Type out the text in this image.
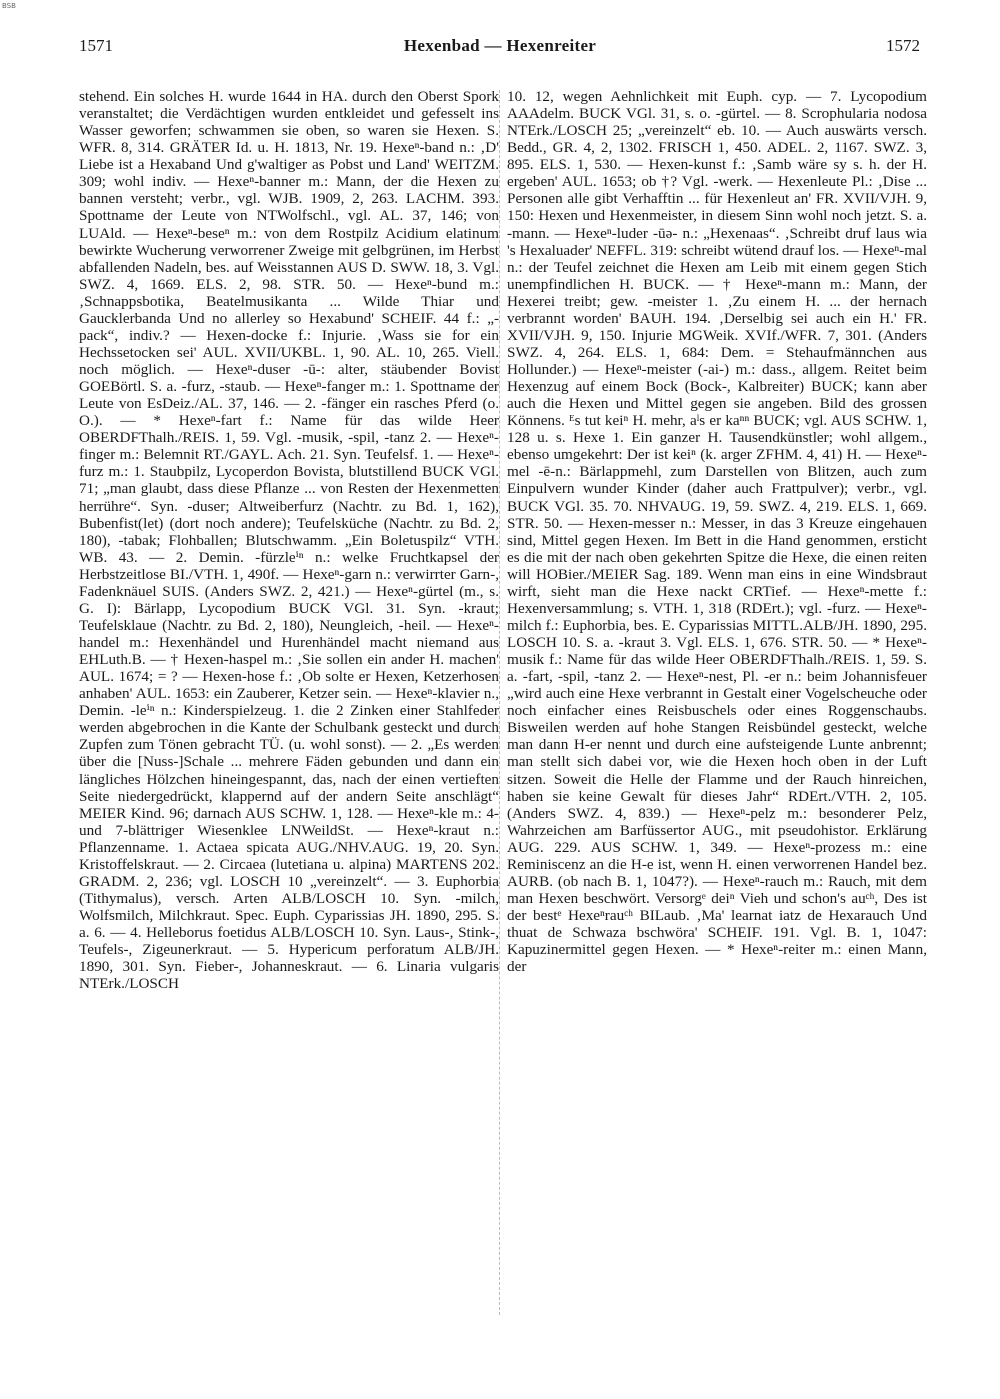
BSB
1571	Hexenbad — Hexenreiter	1572

stehend. Ein solches H. wurde 1644 in HA. durch den Oberst Spork veranstaltet; die Verdächtigen wurden entkleidet und gefesselt ins Wasser geworfen; schwammen sie oben, so waren sie Hexen. S. WFR. 8, 314. GRÄTER Id. u. H. 1813, Nr. 19. Hexeⁿ-band n.: ‚D' Liebe ist a Hexaband Und g'waltiger as Pobst und Land' WEITZM. 309; wohl indiv. — Hexeⁿ-banner m.: Mann, der die Hexen zu bannen versteht; verbr., vgl. WJB. 1909, 2, 263. LACHM. 393. Spottname der Leute von NTWolfschl., vgl. AL. 37, 146; von LUAld. — Hexeⁿ-beseⁿ m.: von dem Rostpilz Acidium elatinum bewirkte Wucherung verworrener Zweige mit gelbgrünen, im Herbst abfallenden Nadeln, bes. auf Weisstannen AUS D. SWW. 18, 3. Vgl. SWZ. 4, 1669. ELS. 2, 98. STR. 50. — Hexeⁿ-bund m.: ‚Schnappsbotika, Beatelmusikanta ... Wilde Thiar und Gaucklerbanda Und no allerley so Hexabund' SCHEIF. 44 f.: „-pack“, indiv.? — Hexen-docke f.: Injurie. ‚Wass sie for ein Hechssetocken sei' AUL. XVII/UKBL. 1, 90. AL. 10, 265. Viell. noch möglich. — Hexeⁿ-duser -ū-: alter, stäubender Bovist GOEBörtl. S. a. -furz, -staub. — Hexeⁿ-fanger m.: 1. Spottname der Leute von EsDeiz./AL. 37, 146. — 2. -fänger ein rasches Pferd (o. O.). — * Hexeⁿ-fart f.: Name für das wilde Heer OBERDFThalh./REIS. 1, 59. Vgl. -musik, -spil, -tanz 2. — Hexeⁿ-finger m.: Belemnit RT./GAYL. Ach. 21. Syn. Teufelsf. 1. — Hexeⁿ-furz m.: 1. Staubpilz, Lycoperdon Bovista, blutstillend BUCK VGl. 71; „man glaubt, dass diese Pflanze ... von Resten der Hexenmetten herrühre“. Syn. -duser; Altweiberfurz (Nachtr. zu Bd. 1, 162), Bubenfist(let) (dort noch andere); Teufelsküche (Nachtr. zu Bd. 2, 180), -tabak; Flohballen; Blutschwamm. „Ein Boletuspilz“ VTH. WB. 43. — 2. Demin. -fürzleⁱⁿ n.: welke Fruchtkapsel der Herbstzeitlose BI./VTH. 1, 490f. — Hexeⁿ-garn n.: verwirrter Garn-, Fadenknäuel SUIS. (Anders SWZ. 2, 421.) — Hexeⁿ-gürtel (m., s. G. I): Bärlapp, Lycopodium BUCK VGl. 31. Syn. -kraut; Teufelsklaue (Nachtr. zu Bd. 2, 180), Neungleich, -heil. — Hexeⁿ-handel m.: Hexenhändel und Hurenhändel macht niemand aus EHLuth.B. — † Hexen-haspel m.: ‚Sie sollen ein ander H. machen' AUL. 1674; = ? — Hexen-hose f.: ‚Ob solte er Hexen, Ketzerhosen anhaben' AUL. 1653: ein Zauberer, Ketzer sein. — Hexeⁿ-klavier n., Demin. -leⁱⁿ n.: Kinderspielzeug. 1. die 2 Zinken einer Stahlfeder werden abgebrochen in die Kante der Schulbank gesteckt und durch Zupfen zum Tönen gebracht TÜ. (u. wohl sonst). — 2. „Es werden über die [Nuss-]Schale ... mehrere Fäden gebunden und dann ein längliches Hölzchen hineingespannt, das, nach der einen vertieften Seite niedergedrückt, klappernd auf der andern Seite anschlägt“ MEIER Kind. 96; darnach AUS SCHW. 1, 128. — Hexeⁿ-kle m.: 4- und 7-blättriger Wiesenklee LNWeildSt. — Hexeⁿ-kraut n.: Pflanzenname. 1. Actaea spicata AUG./NHV.AUG. 19, 20. Syn. Kristoffelskraut. — 2. Circaea (lutetiana u. alpina) MARTENS 202. GRADM. 2, 236; vgl. LOSCH 10 „vereinzelt“. — 3. Euphorbia (Tithymalus), versch. Arten ALB/LOSCH 10. Syn. -milch, Wolfsmilch, Milchkraut. Spec. Euph. Cyparissias JH. 1890, 295. S. a. 6. — 4. Helleborus foetidus ALB/LOSCH 10. Syn. Laus-, Stink-, Teufels-, Zigeunerkraut. — 5. Hypericum perforatum ALB/JH. 1890, 301. Syn. Fieber-, Johanneskraut. — 6. Linaria vulgaris NTErk./LOSCH

10. 12, wegen Aehnlichkeit mit Euph. cyp. — 7. Lycopodium AAAdelm. BUCK VGl. 31, s. o. -gürtel. — 8. Scrophularia nodosa NTErk./LOSCH 25; „vereinzelt“ eb. 10. — Auch auswärts versch. Bedd., GR. 4, 2, 1302. FRISCH 1, 450. ADEL. 2, 1167. SWZ. 3, 895. ELS. 1, 530. — Hexen-kunst f.: ‚Samb wäre sy s. h. der H. ergeben' AUL. 1653; ob †? Vgl. -werk. — Hexenleute Pl.: ‚Dise ... Personen alle gibt Verhafftin ... für Hexenleut an' FR. XVII/VJH. 9, 150: Hexen und Hexenmeister, in diesem Sinn wohl noch jetzt. S. a. -mann. — Hexeⁿ-luder -ūə- n.: „Hexenaas“. ‚Schreibt druf laus wia 's Hexaluader' NEFFL. 319: schreibt wütend drauf los. — Hexeⁿ-mal n.: der Teufel zeichnet die Hexen am Leib mit einem gegen Stich unempfindlichen H. BUCK. — † Hexeⁿ-mann m.: Mann, der Hexerei treibt; gew. -meister 1. ‚Zu einem H. ... der hernach verbrannt worden' BAUH. 194. ‚Derselbig sei auch ein H.' FR. XVII/VJH. 9, 150. Injurie MGWeik. XVIf./WFR. 7, 301. (Anders SWZ. 4, 264. ELS. 1, 684: Dem. = Stehaufmännchen aus Hollunder.) — Hexeⁿ-meister (-ai-) m.: dass., allgem. Reitet beim Hexenzug auf einem Bock (Bock-, Kalbreiter) BUCK; kann aber auch die Hexen und Mittel gegen sie angeben. Bild des grossen Könnens. ᴱs tut keiⁿ H. mehr, aˡs er kaⁿⁿ BUCK; vgl. AUS SCHW. 1, 128 u. s. Hexe 1. Ein ganzer H. Tausendkünstler; wohl allgem., ebenso umgekehrt: Der ist keiⁿ (k. arger ZFHM. 4, 41) H. — Hexeⁿ-mel -ē-n.: Bärlappmehl, zum Darstellen von Blitzen, auch zum Einpulvern wunder Kinder (daher auch Frattpulver); verbr., vgl. BUCK VGl. 35. 70. NHVAUG. 19, 59. SWZ. 4, 219. ELS. 1, 669. STR. 50. — Hexen-messer n.: Messer, in das 3 Kreuze eingehauen sind, Mittel gegen Hexen. Im Bett in die Hand genommen, ersticht es die mit der nach oben gekehrten Spitze die Hexe, die einen reiten will HOBier./MEIER Sag. 189. Wenn man eins in eine Windsbraut wirft, sieht man die Hexe nackt CRTief. — Hexeⁿ-mette f.: Hexenversammlung; s. VTH. 1, 318 (RDErt.); vgl. -furz. — Hexeⁿ-milch f.: Euphorbia, bes. E. Cyparissias MITTL.ALB/JH. 1890, 295. LOSCH 10. S. a. -kraut 3. Vgl. ELS. 1, 676. STR. 50. — * Hexeⁿ-musik f.: Name für das wilde Heer OBERDFThalh./REIS. 1, 59. S. a. -fart, -spil, -tanz 2. — Hexeⁿ-nest, Pl. -er n.: beim Johannisfeuer „wird auch eine Hexe verbrannt in Gestalt einer Vogelscheuche oder noch einfacher eines Reisbuschels oder eines Roggenschaubs. Bisweilen werden auf hohe Stangen Reisbündel gesteckt, welche man dann H-er nennt und durch eine aufsteigende Lunte anbrennt; man stellt sich dabei vor, wie die Hexen hoch oben in der Luft sitzen. Soweit die Helle der Flamme und der Rauch hinreichen, haben sie keine Gewalt für dieses Jahr“ RDErt./VTH. 2, 105. (Anders SWZ. 4, 839.) — Hexeⁿ-pelz m.: besonderer Pelz, Wahrzeichen am Barfüssertor AUG., mit pseudohistor. Erklärung AUG. 229. AUS SCHW. 1, 349. — Hexeⁿ-prozess m.: eine Reminiscenz an die H-e ist, wenn H. einen verworrenen Handel bez. AURB. (ob nach B. 1, 1047?). — Hexeⁿ-rauch m.: Rauch, mit dem man Hexen beschwört. Versorgᵉ deiⁿ Vieh und schon's auᶜʰ, Des ist der bestᵉ Hexeⁿrauᶜʰ BILaub. ‚Ma' learnat iatz de Hexarauch Und thuat de Schwaza bschwöra' SCHEIF. 191. Vgl. B. 1, 1047: Kapuzinermittel gegen Hexen. — * Hexeⁿ-reiter m.: einen Mann, der
